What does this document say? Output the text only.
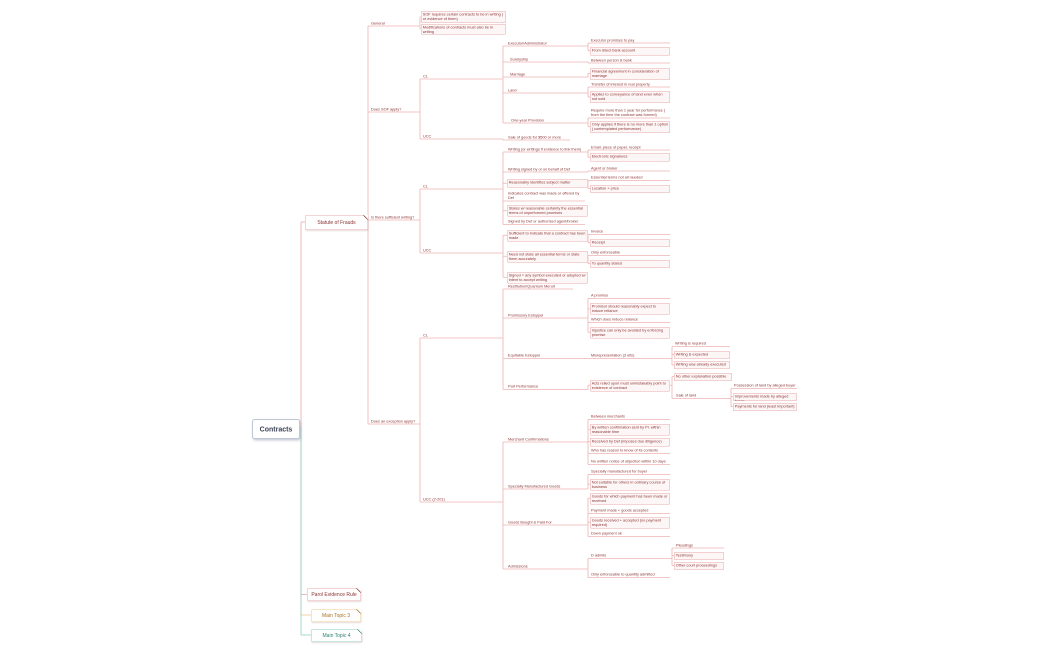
Contracts
Statute of Frauds
Parol Evidence Rule
Main Topic 3
Main Topic 4
General
SOF requires certain contracts to be in writing ( or evidence of them)
Modifications of contracts must also be in writing
Does SOF apply?
CL
Executor/Administrator
Executor promises to pay
From direct bank account
Suretyship	Between person & bank
Marriage
Financial agreement in consideration of marriage
Land
Transfer of interest in real property
Applies to conveyance of land even when not sold
One-year Provision
Require more than 1 year for performance ( from the time the contract was formed)
Only applies if there is no more than 1 option ( contemplated performance)
UCC	Sale of goods for $500 or more
Is there sufficient writing?
CL
Writing (or writings if evidence to link them)	Email, piece of paper, receipt
Electronic signatures
Writing signed by or on behalf of Def	Agent or broker
Reasonably identifies subject matter
Essential terms not all needed
Location + price
Indicates contract was made or offered by Def
States w/ reasonable certainty the essential terms of unperformed promises
Signed by Def or authorized agent/broker
UCC
Sufficient to indicate that a contract has been made
Invoice
Receipt
Need not state all essential terms or state them accurately
Only enforceable
To quantity stated
Signed = any symbol executed or adopted w/ intent to accept writing
Does an exception apply?
CL
Restitution/Quantum Meruit
Promissory Estoppel
A promise
Promisor should reasonably expect to induce reliance
Which does induce reliance
Injustice can only be avoided by enforcing promise
Equitable Estoppel	Misrepresentation (3 elts)
Writing is required
Writing is expected
Writing was already executed
Part Performance
Acts relied upon must unmistakably point to existence of contract
No other explanation possible
Sale of land
Possession of land by alleged buyer
Improvements made by alleged buyer
Payments for land (least important)
UCC (2-201)
Merchant Confirmations
Between merchants
By written confirmation sent by Pl. within reasonable time
Received by Def (imposes due diligence)
Who has reason to know of its contents
No written notice of objection within 10 days
Specially Manufactured Goods
Specially manufactured for buyer
Not suitable for others in ordinary course of business
Goods Bought & Paid For
Goods for which payment has been made or received
Payment made + goods accepted
Goods received + accepted (no payment required)
Down payment ok
Admissions
D admits
Pleadings
Testimony
Other court proceedings
Only enforceable to quantity admitted
